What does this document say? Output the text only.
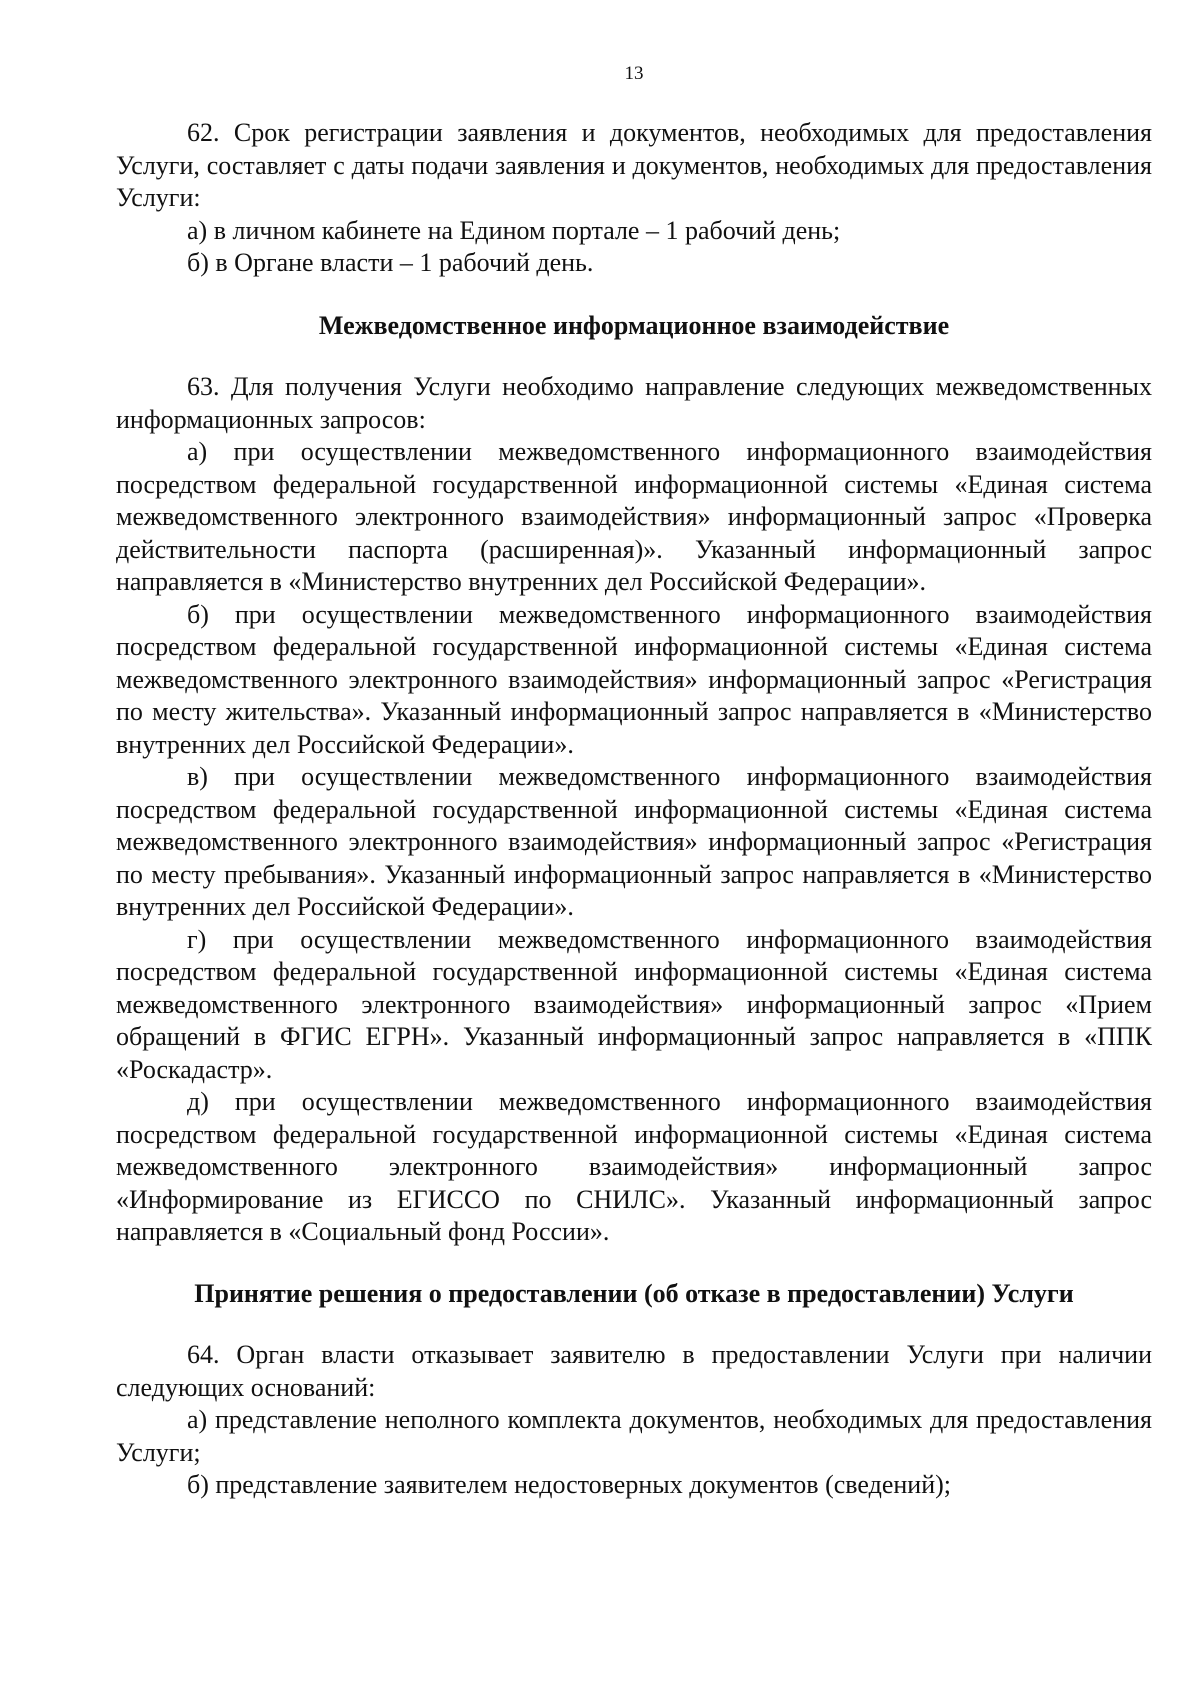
13

62. Срок регистрации заявления и документов, необходимых для предоставления Услуги, составляет с даты подачи заявления и документов, необходимых для предоставления Услуги:

а) в личном кабинете на Едином портале – 1 рабочий день;

б) в Органе власти – 1 рабочий день.

Межведомственное информационное взаимодействие

63. Для получения Услуги необходимо направление следующих межведомственных информационных запросов:

а) при осуществлении межведомственного информационного взаимодействия посредством федеральной государственной информационной системы «Единая система межведомственного электронного взаимодействия» информационный запрос «Проверка действительности паспорта (расширенная)». Указанный информационный запрос направляется в «Министерство внутренних дел Российской Федерации».

б) при осуществлении межведомственного информационного взаимодействия посредством федеральной государственной информационной системы «Единая система межведомственного электронного взаимодействия» информационный запрос «Регистрация по месту жительства». Указанный информационный запрос направляется в «Министерство внутренних дел Российской Федерации».

в) при осуществлении межведомственного информационного взаимодействия посредством федеральной государственной информационной системы «Единая система межведомственного электронного взаимодействия» информационный запрос «Регистрация по месту пребывания». Указанный информационный запрос направляется в «Министерство внутренних дел Российской Федерации».

г) при осуществлении межведомственного информационного взаимодействия посредством федеральной государственной информационной системы «Единая система межведомственного электронного взаимодействия» информационный запрос «Прием обращений в ФГИС ЕГРН». Указанный информационный запрос направляется в «ППК «Роскадастр».

д) при осуществлении межведомственного информационного взаимодействия посредством федеральной государственной информационной системы «Единая система межведомственного электронного взаимодействия» информационный запрос «Информирование из ЕГИССО по СНИЛС». Указанный информационный запрос направляется в «Социальный фонд России».

Принятие решения о предоставлении (об отказе в предоставлении) Услуги

64. Орган власти отказывает заявителю в предоставлении Услуги при наличии следующих оснований:

а) представление неполного комплекта документов, необходимых для предоставления Услуги;

б) представление заявителем недостоверных документов (сведений);
